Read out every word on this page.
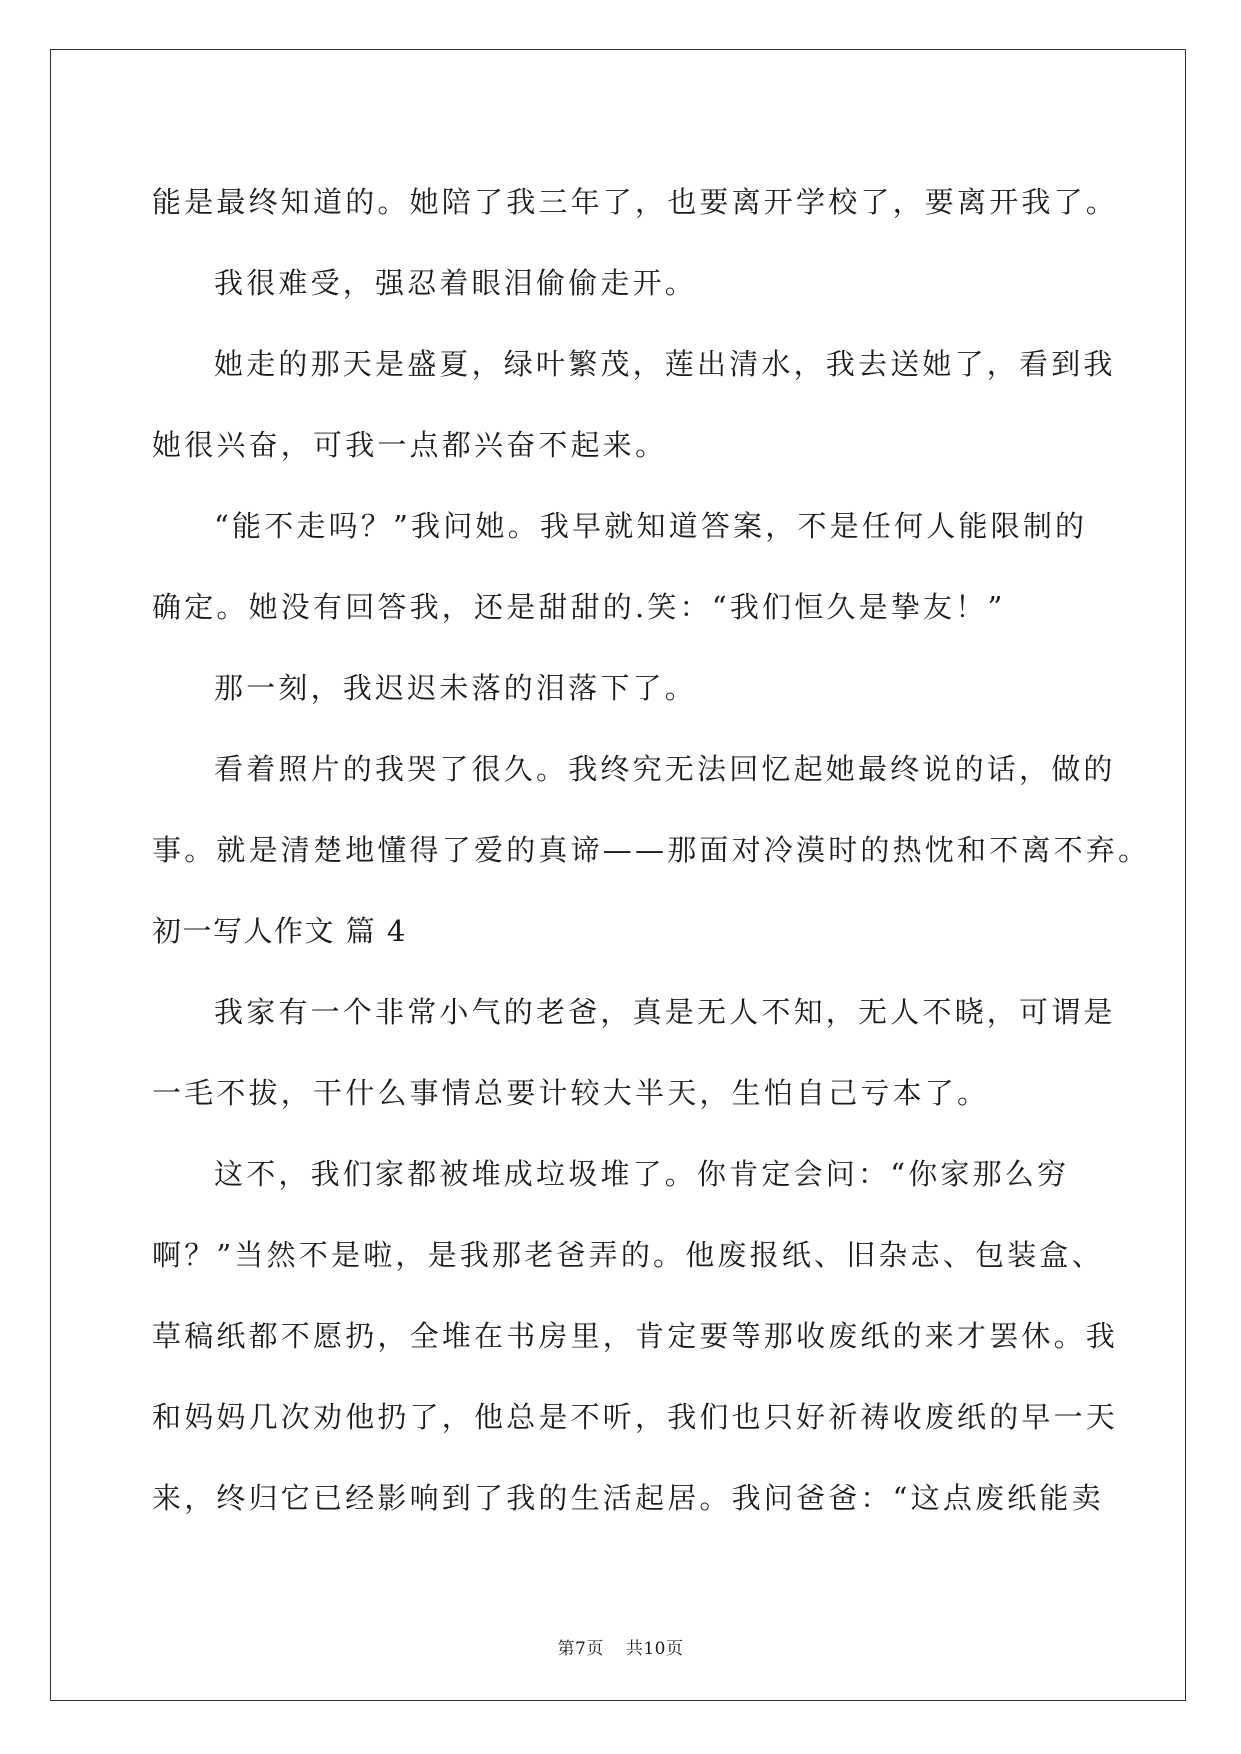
能是最终知道的。她陪了我三年了，也要离开学校了，要离开我了。
我很难受，强忍着眼泪偷偷走开。
她走的那天是盛夏，绿叶繁茂，莲出清水，我去送她了，看到我
她很兴奋，可我一点都兴奋不起来。
“能不走吗？”我问她。我早就知道答案，不是任何人能限制的
确定。她没有回答我，还是甜甜的.笑：“我们恒久是挚友！”
那一刻，我迟迟未落的泪落下了。
看着照片的我哭了很久。我终究无法回忆起她最终说的话，做的
事。就是清楚地懂得了爱的真谛——那面对冷漠时的热忱和不离不弃。
初一写人作文 篇 4
我家有一个非常小气的老爸，真是无人不知，无人不晓，可谓是
一毛不拔，干什么事情总要计较大半天，生怕自己亏本了。
这不，我们家都被堆成垃圾堆了。你肯定会问：“你家那么穷
啊？”当然不是啦，是我那老爸弄的。他废报纸、旧杂志、包装盒、
草稿纸都不愿扔，全堆在书房里，肯定要等那收废纸的来才罢休。我
和妈妈几次劝他扔了，他总是不听，我们也只好祈祷收废纸的早一天
来，终归它已经影响到了我的生活起居。我问爸爸：“这点废纸能卖
第7页 共10页
